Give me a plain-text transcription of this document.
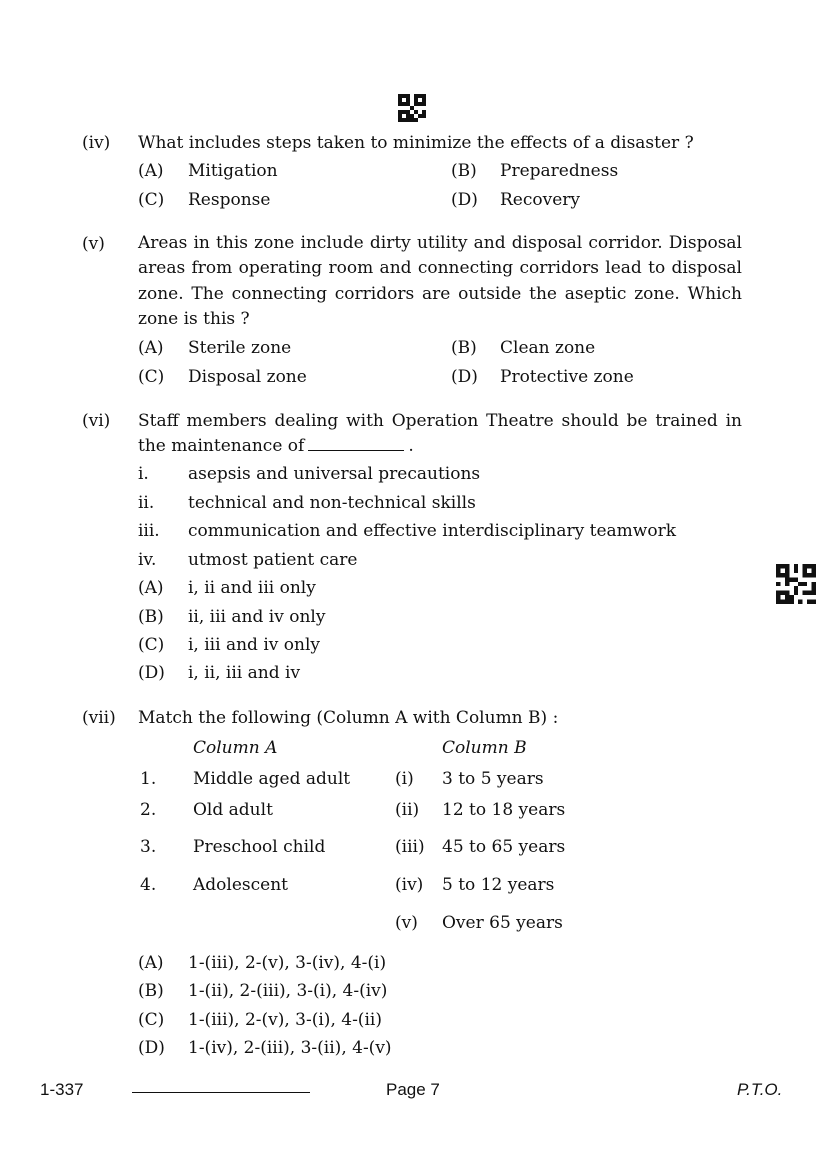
(iv) What includes steps taken to minimize the effects of a disaster ?
(A) Mitigation	(B) Preparedness
(C) Response	(D) Recovery
(v) Areas in this zone include dirty utility and disposal corridor. Disposal areas from operating room and connecting corridors lead to disposal zone. The connecting corridors are outside the aseptic zone. Which zone is this ?
(A) Sterile zone	(B) Clean zone
(C) Disposal zone	(D) Protective zone
(vi) Staff members dealing with Operation Theatre should be trained in
the maintenance of	.
i. asepsis and universal precautions
ii. technical and non-technical skills
iii. communication and effective interdisciplinary teamwork
iv. utmost patient care
(A) i, ii and iii only
(B) ii, iii and iv only
(C) i, iii and iv only
(D) i, ii, iii and iv
(vii) Match the following (Column A with Column B) :
Column A	Column B
1. Middle aged adult	(i) 3 to 5 years
2. Old adult	(ii) 12 to 18 years
3. Preschool child	(iii) 45 to 65 years
4. Adolescent	(iv) 5 to 12 years
(v) Over 65 years
(A) 1-(iii), 2-(v), 3-(iv), 4-(i)
(B) 1-(ii), 2-(iii), 3-(i), 4-(iv)
(C) 1-(iii), 2-(v), 3-(i), 4-(ii)
(D) 1-(iv), 2-(iii), 3-(ii), 4-(v)
1-337	Page 7	P.T.O.
